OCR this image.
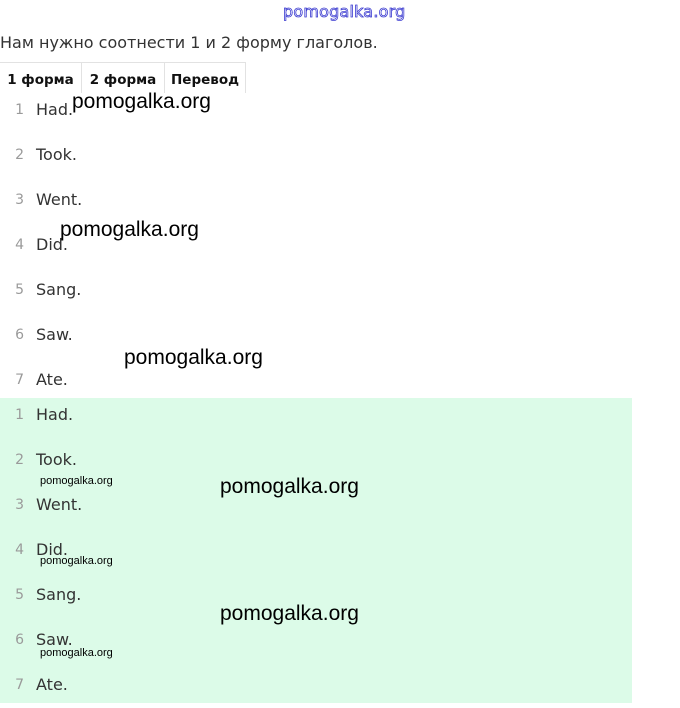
pomogalka.org
Нам нужно соотнести 1 и 2 форму глаголов.
1 форма	2 форма	Перевод
1 Had.
2 Took.
3 Went.
4 Did.
5 Sang.
6 Saw.
7 Ate.
1 Had.
2 Took.
3 Went.
4 Did.
5 Sang.
6 Saw.
7 Ate.
pomogalka.org
pomogalka.org
pomogalka.org
pomogalka.org
pomogalka.org
pomogalka.org
pomogalka.org
pomogalka.org
